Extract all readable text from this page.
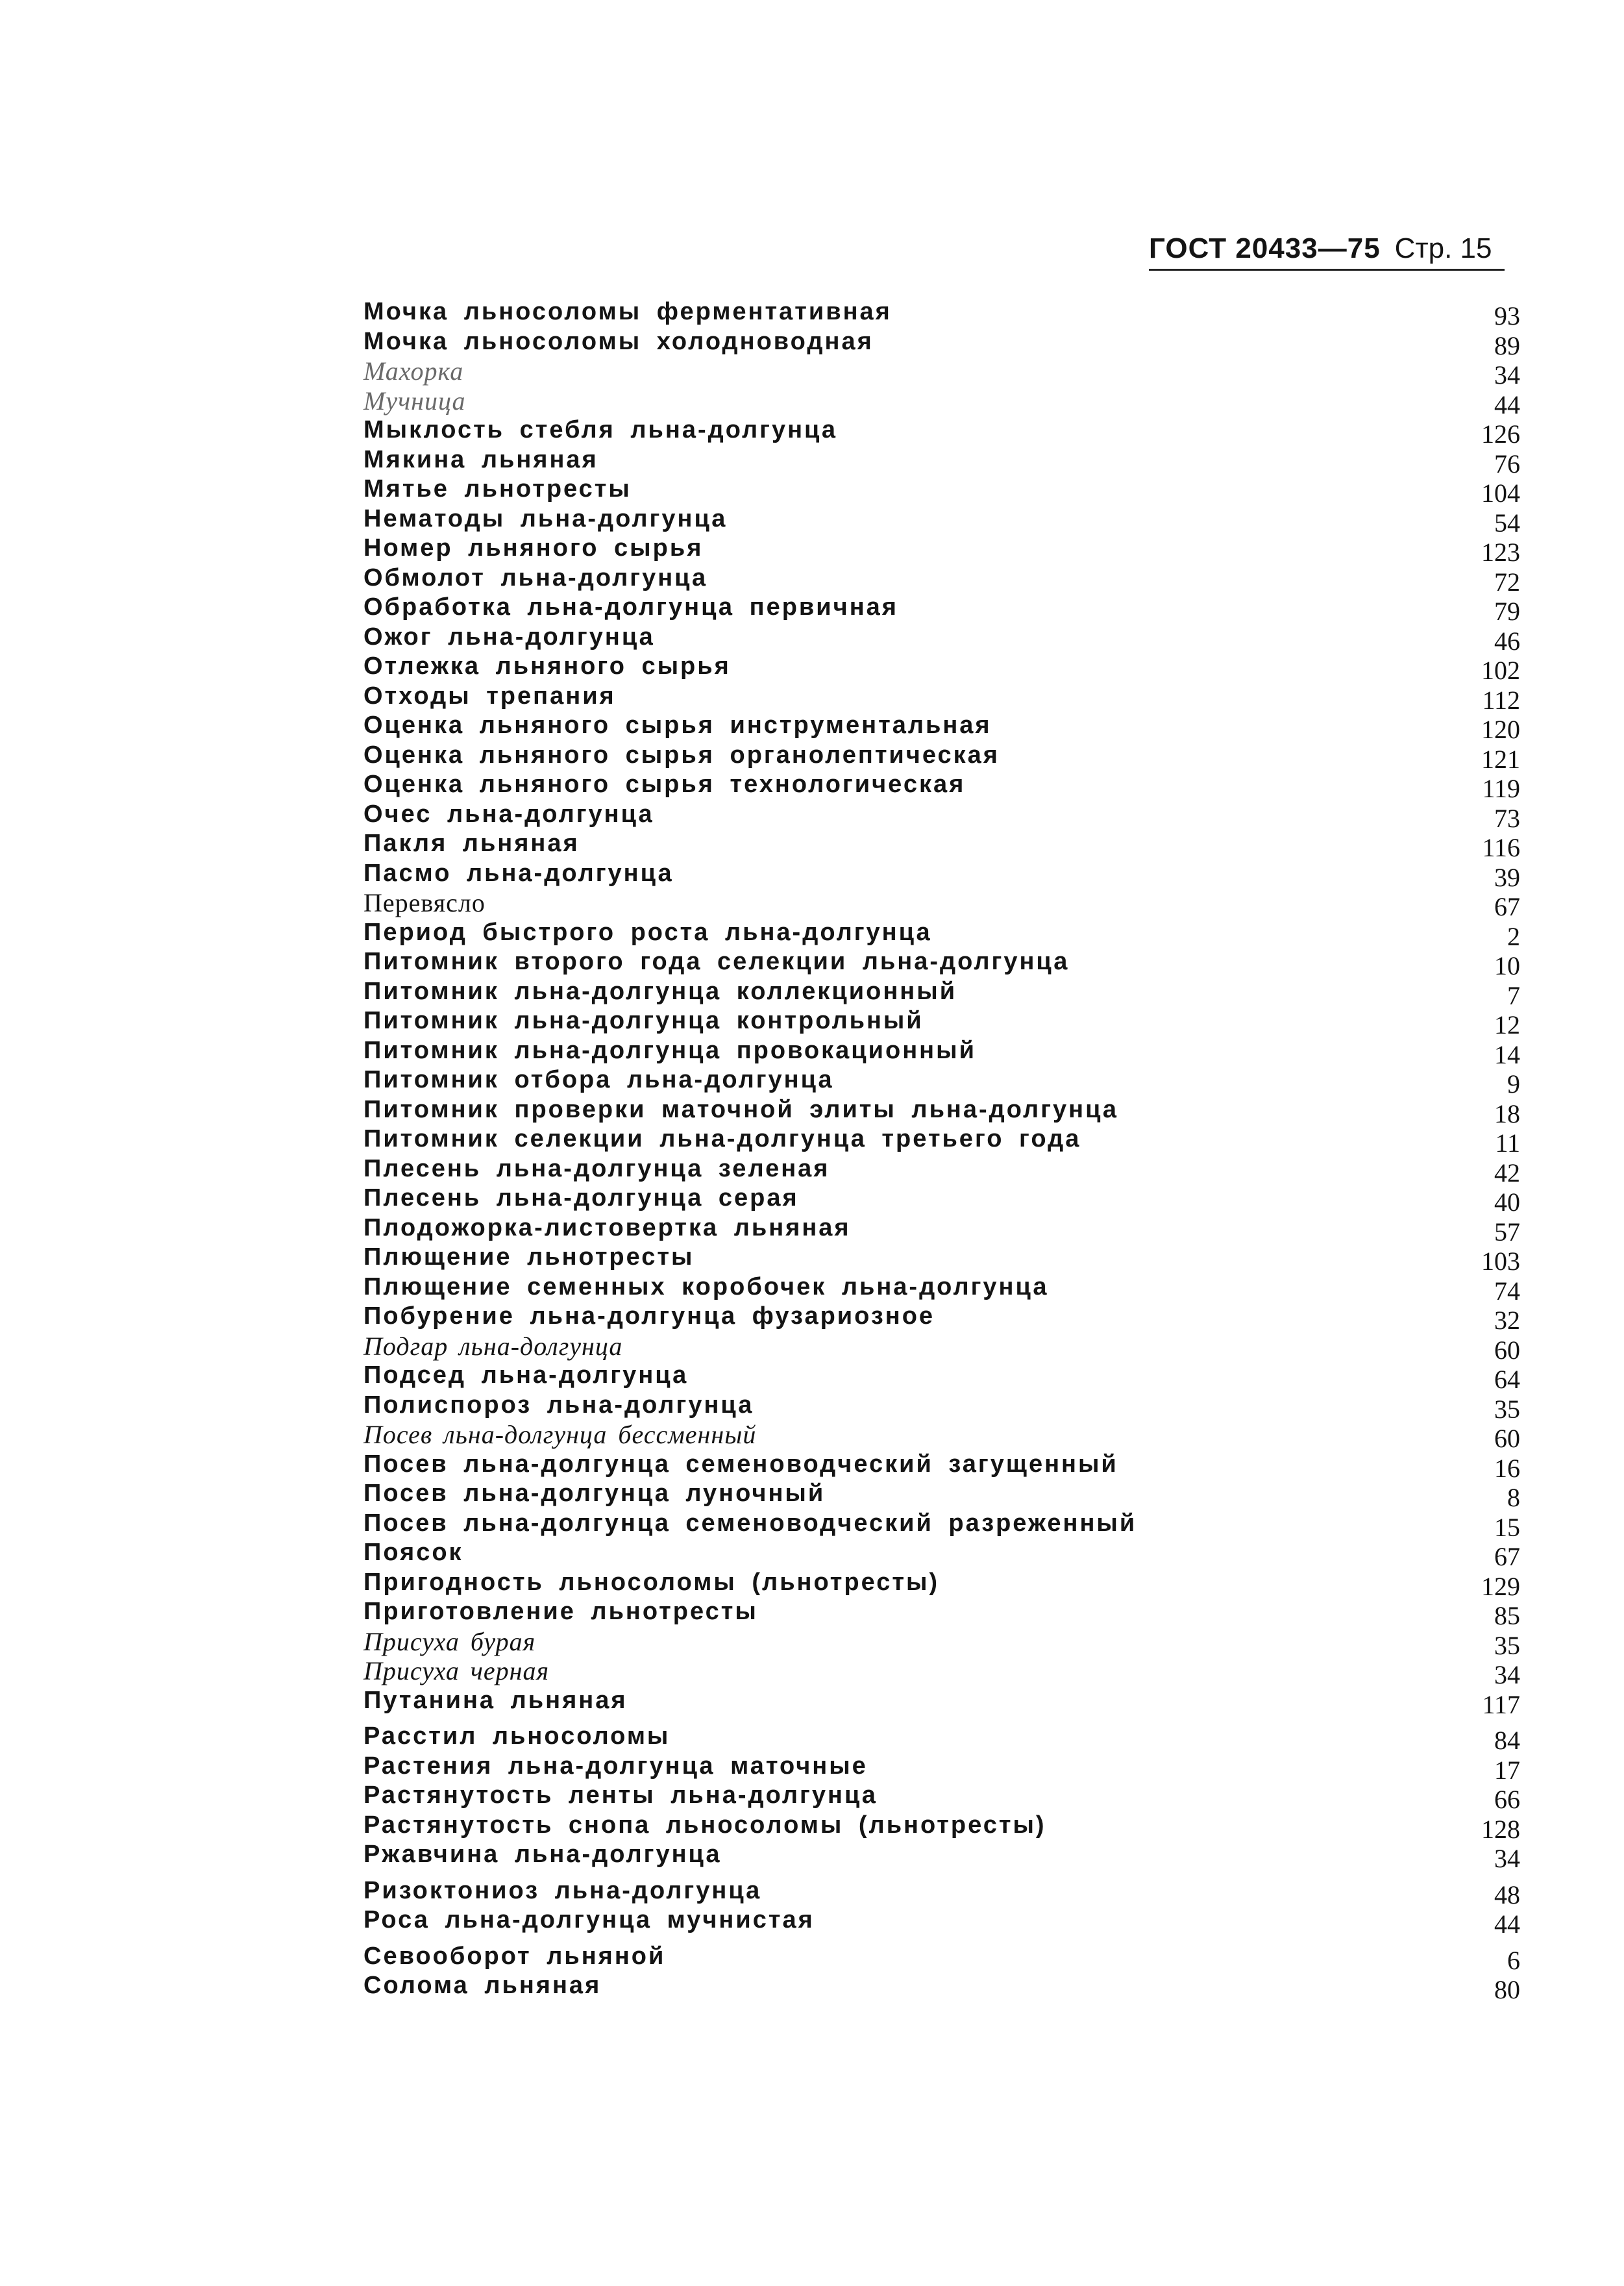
ГОСТ 20433—75 Стр. 15
Мочка льносоломы ферментативная	93
Мочка льносоломы холодноводная	89
Махорка	34
Мучница	44
Мыклость стебля льна-долгунца	126
Мякина льняная	76
Мятье льнотресты	104
Нематоды льна-долгунца	54
Номер льняного сырья	123
Обмолот льна-долгунца	72
Обработка льна-долгунца первичная	79
Ожог льна-долгунца	46
Отлежка льняного сырья	102
Отходы трепания	112
Оценка льняного сырья инструментальная	120
Оценка льняного сырья органолептическая	121
Оценка льняного сырья технологическая	119
Очес льна-долгунца	73
Пакля льняная	116
Пасмо льна-долгунца	39
Перевясло	67
Период быстрого роста льна-долгунца	2
Питомник второго года селекции льна-долгунца	10
Питомник льна-долгунца коллекционный	7
Питомник льна-долгунца контрольный	12
Питомник льна-долгунца провокационный	14
Питомник отбора льна-долгунца	9
Питомник проверки маточной элиты льна-долгунца	18
Питомник селекции льна-долгунца третьего года	11
Плесень льна-долгунца зеленая	42
Плесень льна-долгунца серая	40
Плодожорка-листовертка льняная	57
Плющение льнотресты	103
Плющение семенных коробочек льна-долгунца	74
Побурение льна-долгунца фузариозное	32
Подгар льна-долгунца	60
Подсед льна-долгунца	64
Полиспороз льна-долгунца	35
Посев льна-долгунца бессменный	60
Посев льна-долгунца семеноводческий загущенный	16
Посев льна-долгунца луночный	8
Посев льна-долгунца семеноводческий разреженный	15
Поясок	67
Пригодность льносоломы (льнотресты)	129
Приготовление льнотресты	85
Присуха бурая	35
Присуха черная	34
Путанина льняная	117
Расстил льносоломы	84
Растения льна-долгунца маточные	17
Растянутость ленты льна-долгунца	66
Растянутость снопа льносоломы (льнотресты)	128
Ржавчина льна-долгунца	34
Ризоктониоз льна-долгунца	48
Роса льна-долгунца мучнистая	44
Севооборот льняной	6
Солома льняная	80
